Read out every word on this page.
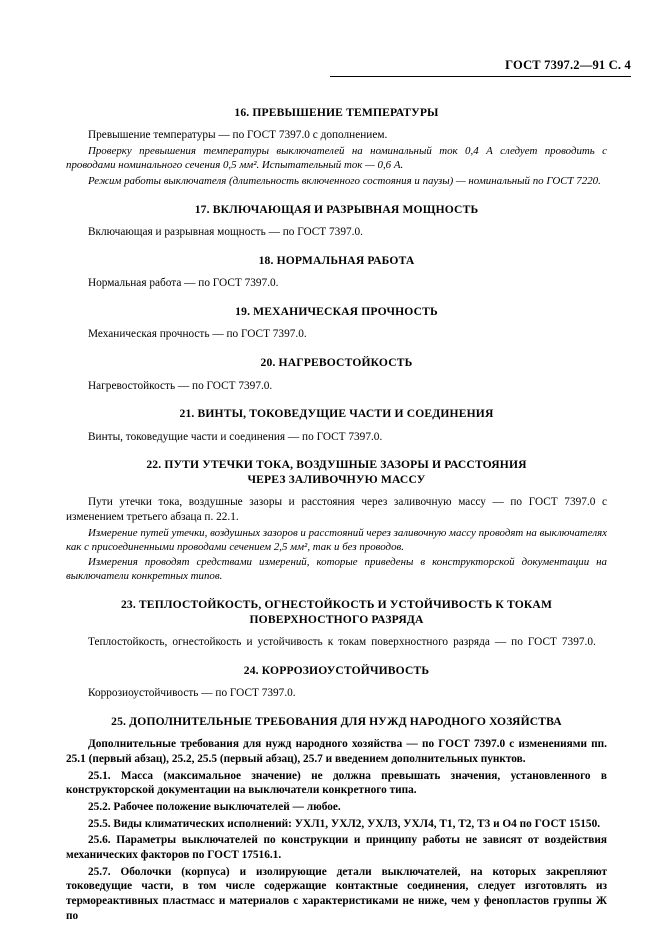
ГОСТ 7397.2—91 С. 4
16. ПРЕВЫШЕНИЕ ТЕМПЕРАТУРЫ

Превышение температуры — по ГОСТ 7397.0 с дополнением.

Проверку превышения температуры выключателей на номинальный ток 0,4 А следует проводить с проводами номинального сечения 0,5 мм². Испытательный ток — 0,6 А.

Режим работы выключателя (длительность включенного состояния и паузы) — номинальный по ГОСТ 7220.

17. ВКЛЮЧАЮЩАЯ И РАЗРЫВНАЯ МОЩНОСТЬ

Включающая и разрывная мощность — по ГОСТ 7397.0.

18. НОРМАЛЬНАЯ РАБОТА

Нормальная работа — по ГОСТ 7397.0.

19. МЕХАНИЧЕСКАЯ ПРОЧНОСТЬ

Механическая прочность — по ГОСТ 7397.0.

20. НАГРЕВОСТОЙКОСТЬ

Нагревостойкость — по ГОСТ 7397.0.

21. ВИНТЫ, ТОКОВЕДУЩИЕ ЧАСТИ И СОЕДИНЕНИЯ

Винты, токоведущие части и соединения — по ГОСТ 7397.0.

22. ПУТИ УТЕЧКИ ТОКА, ВОЗДУШНЫЕ ЗАЗОРЫ И РАССТОЯНИЯ
ЧЕРЕЗ ЗАЛИВОЧНУЮ МАССУ

Пути утечки тока, воздушные зазоры и расстояния через заливочную массу — по ГОСТ 7397.0 с изменением третьего абзаца п. 22.1.

Измерение путей утечки, воздушных зазоров и расстояний через заливочную массу проводят на выключателях как с присоединенными проводами сечением 2,5 мм², так и без проводов.

Измерения проводят средствами измерений, которые приведены в конструкторской документации на выключатели конкретных типов.

23. ТЕПЛОСТОЙКОСТЬ, ОГНЕСТОЙКОСТЬ И УСТОЙЧИВОСТЬ К ТОКАМ
ПОВЕРХНОСТНОГО РАЗРЯДА

Теплостойкость, огнестойкость и устойчивость к токам поверхностного разряда — по ГОСТ 7397.0.

24. КОРРОЗИОУСТОЙЧИВОСТЬ

Коррозиоустойчивость — по ГОСТ 7397.0.

25. ДОПОЛНИТЕЛЬНЫЕ ТРЕБОВАНИЯ ДЛЯ НУЖД НАРОДНОГО ХОЗЯЙСТВА

Дополнительные требования для нужд народного хозяйства — по ГОСТ 7397.0 с изменениями пп. 25.1 (первый абзац), 25.2, 25.5 (первый абзац), 25.7 и введением дополнительных пунктов.

25.1. Масса (максимальное значение) не должна превышать значения, установленного в конструкторской документации на выключатели конкретного типа.

25.2. Рабочее положение выключателей — любое.

25.5. Виды климатических исполнений: УХЛ1, УХЛ2, УХЛ3, УХЛ4, Т1, Т2, Т3 и О4 по ГОСТ 15150.

25.6. Параметры выключателей по конструкции и принципу работы не зависят от воздействия механических факторов по ГОСТ 17516.1.

25.7. Оболочки (корпуса) и изолирующие детали выключателей, на которых закрепляют токоведущие части, в том числе содержащие контактные соединения, следует изготовлять из термореактивных пластмасс и материалов с характеристиками не ниже, чем у фенопластов группы Ж по
